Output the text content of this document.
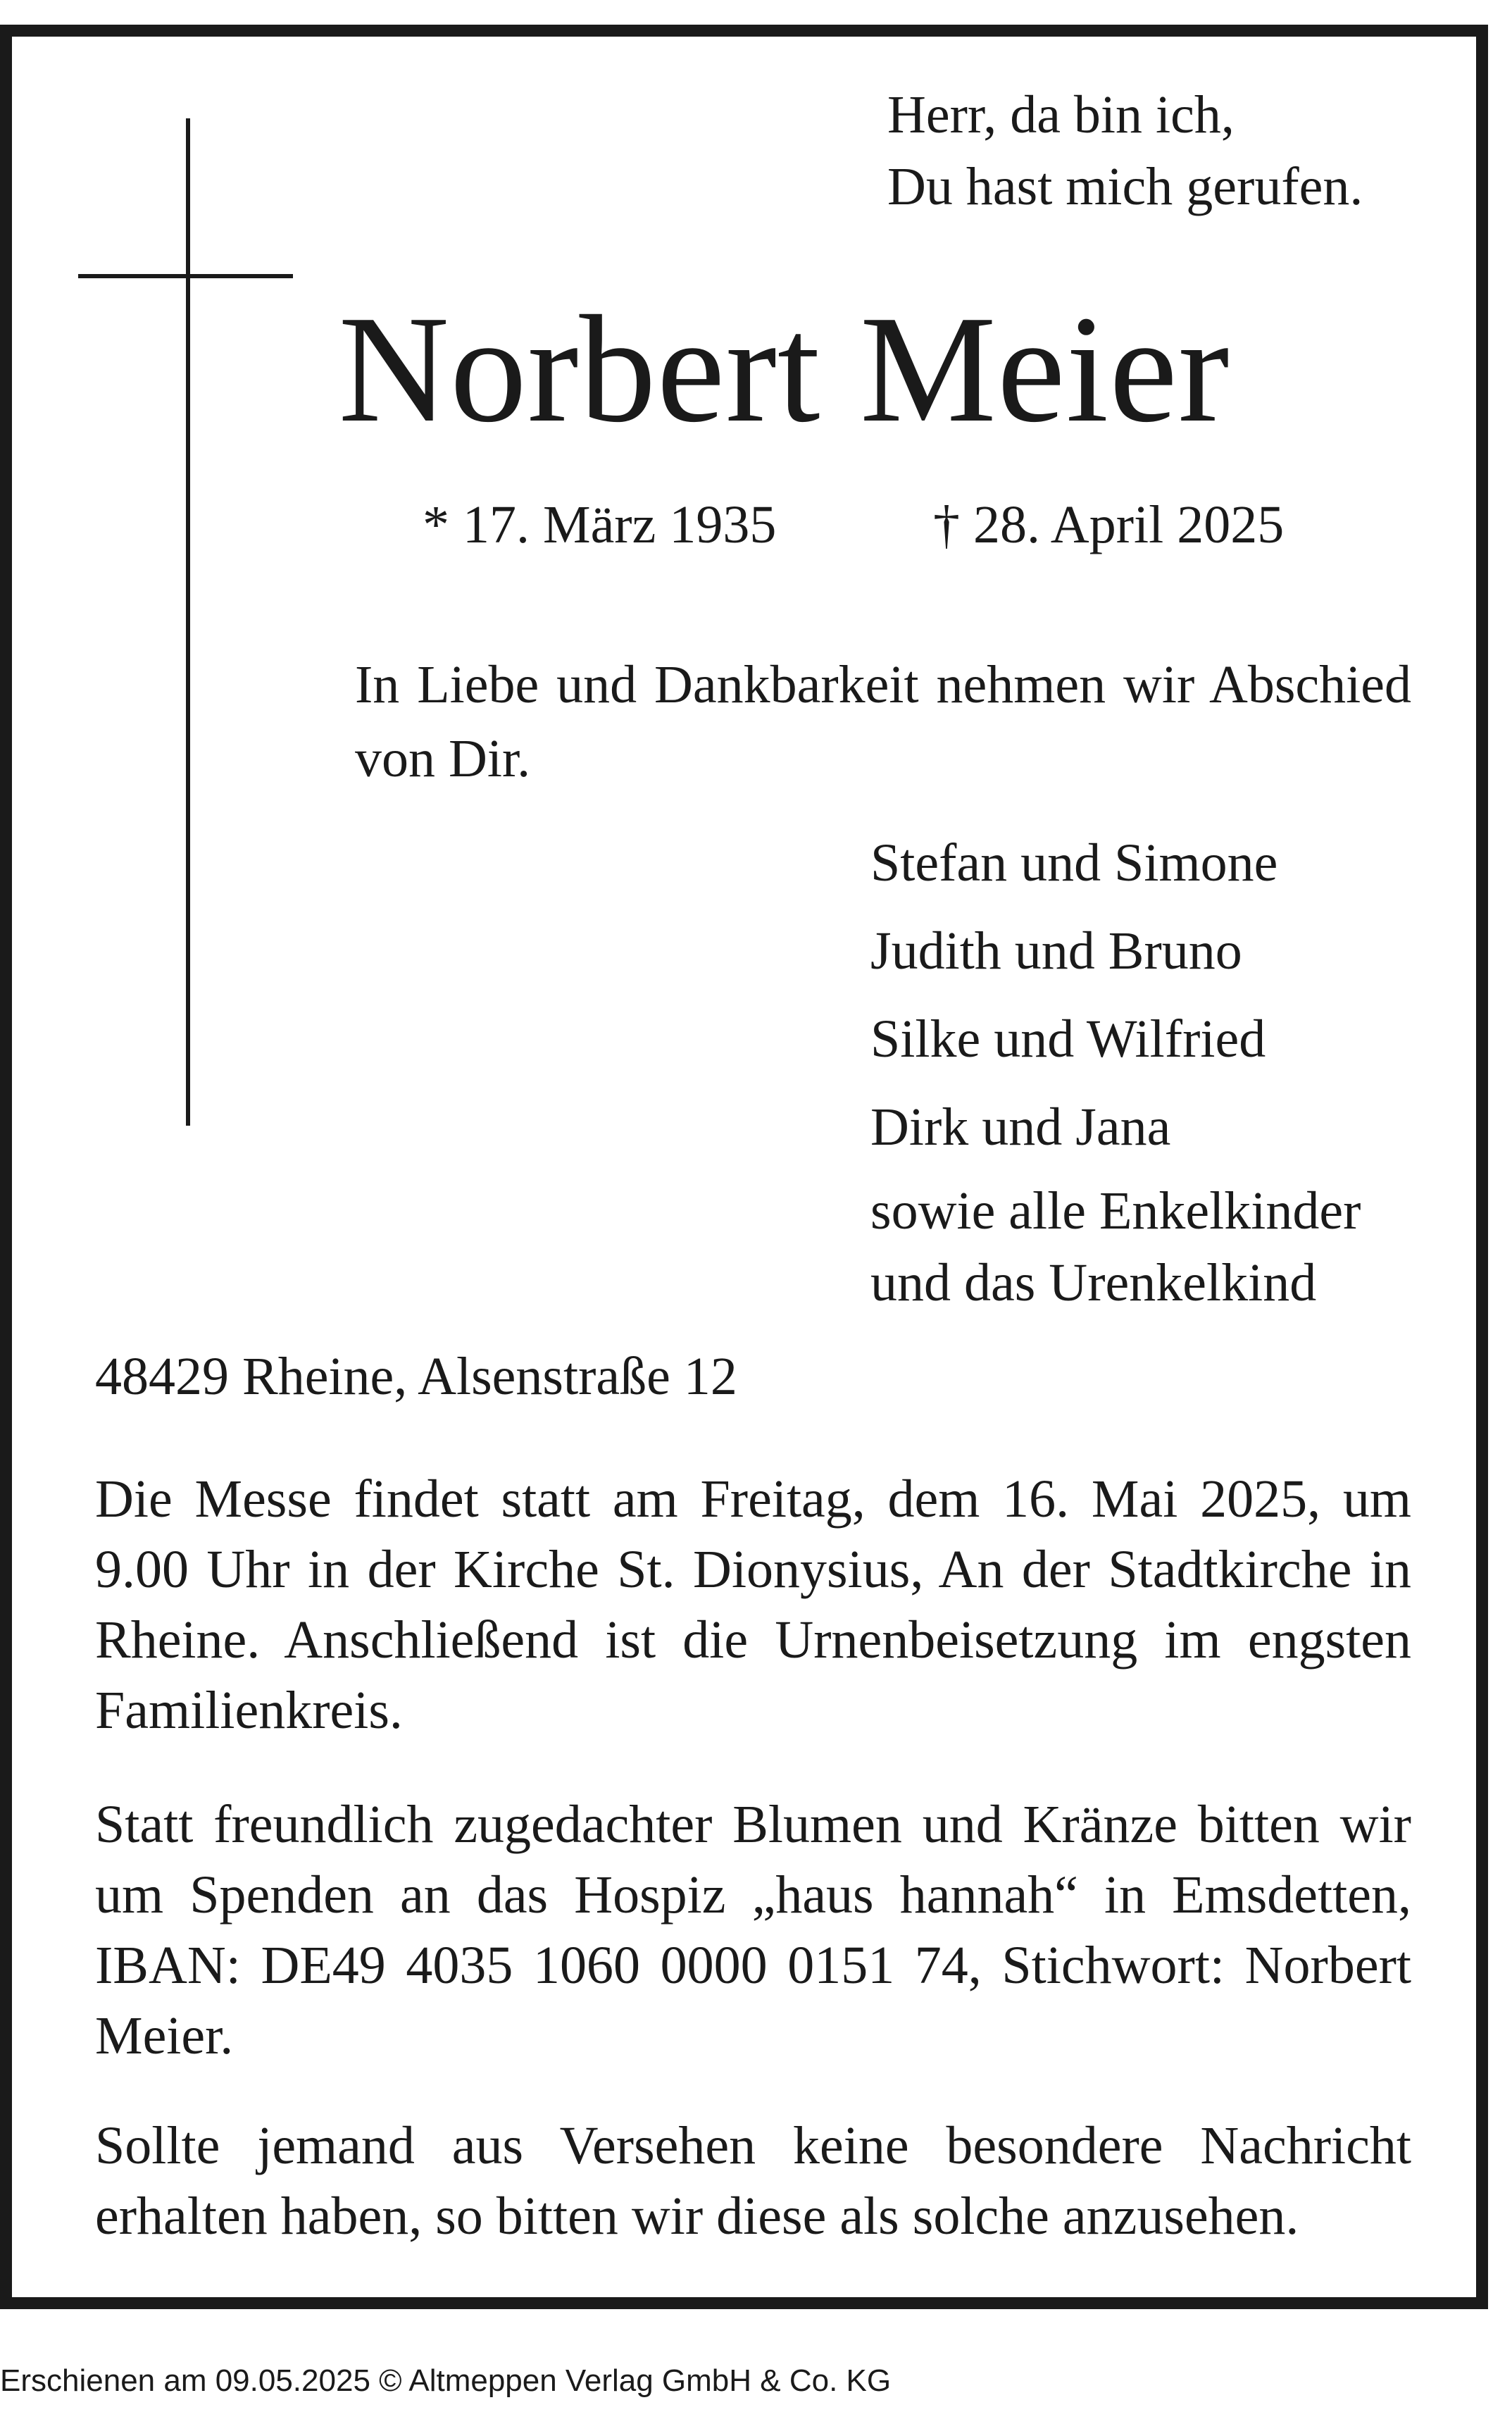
Herr, da bin ich,
Du hast mich gerufen.
Norbert Meier
* 17. März 1935	† 28. April 2025
In Liebe und Dankbarkeit nehmen wir Abschied von Dir.
Stefan und Simone
Judith und Bruno
Silke und Wilfried
Dirk und Jana
sowie alle Enkelkinder
und das Urenkelkind
48429 Rheine, Alsenstraße 12
Die Messe findet statt am Freitag, dem 16. Mai 2025, um 9.00 Uhr in der Kirche St. Dionysius, An der Stadtkirche in Rheine. Anschließend ist die Urnenbeisetzung im engsten Familienkreis.
Statt freundlich zugedachter Blumen und Kränze bitten wir um Spenden an das Hospiz „haus hannah“ in Emsdetten, IBAN: DE49 4035 1060 0000 0151 74, Stichwort: Norbert Meier.
Sollte jemand aus Versehen keine besondere Nachricht erhalten haben, so bitten wir diese als solche anzusehen.
Erschienen am 09.05.2025 © Altmeppen Verlag GmbH & Co. KG
